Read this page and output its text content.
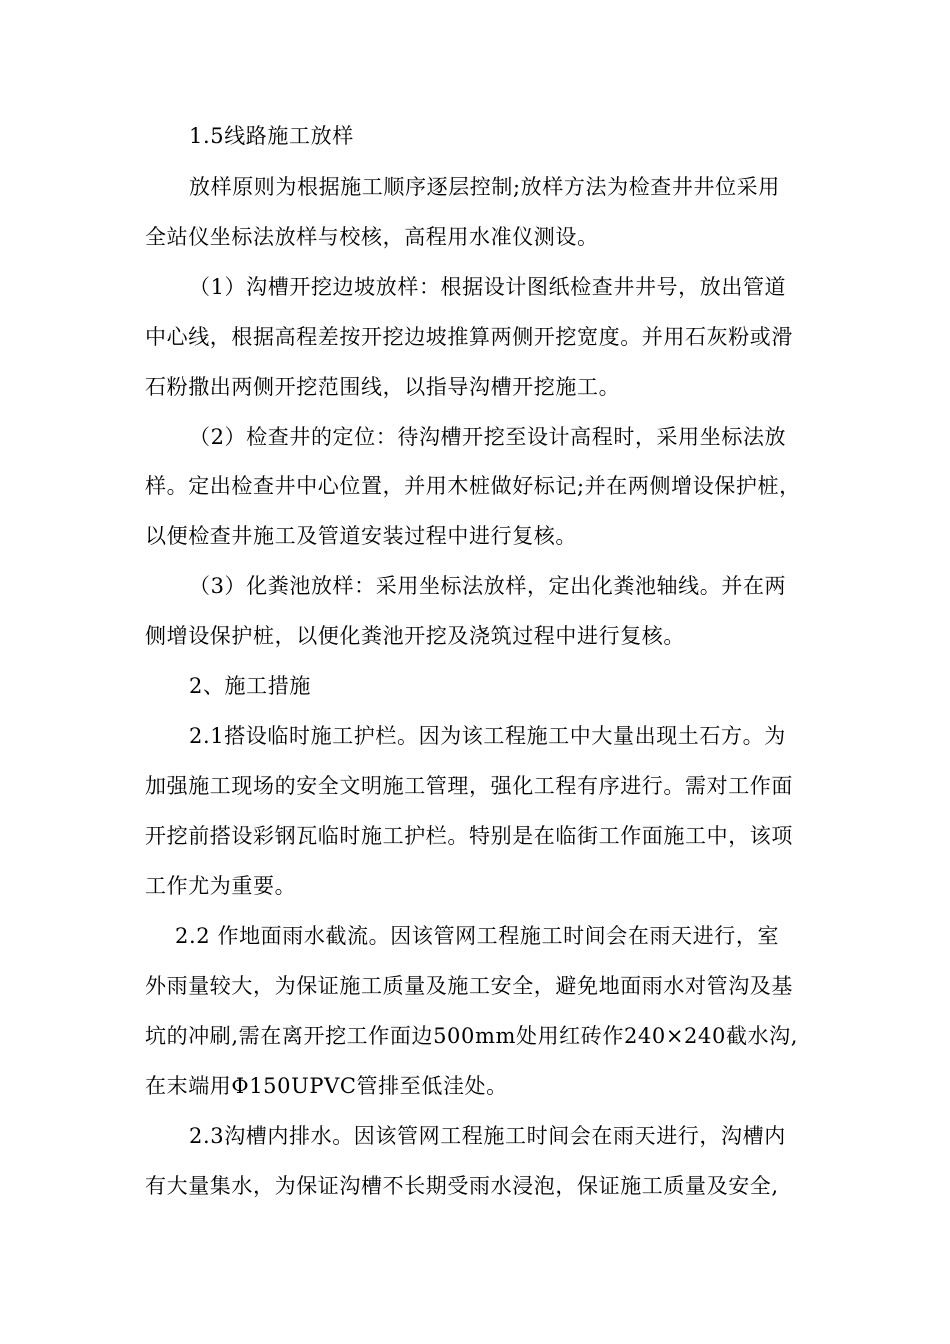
1.5线路施工放样
放样原则为根据施工顺序逐层控制;放样方法为检查井井位采用
全站仪坐标法放样与校核，高程用水准仪测设。
（1）沟槽开挖边坡放样：根据设计图纸检查井井号，放出管道
中心线，根据高程差按开挖边坡推算两侧开挖宽度。并用石灰粉或滑
石粉撒出两侧开挖范围线，以指导沟槽开挖施工。
（2）检查井的定位：待沟槽开挖至设计高程时，采用坐标法放
样。定出检查井中心位置，并用木桩做好标记;并在两侧增设保护桩，
以便检查井施工及管道安装过程中进行复核。
（3）化粪池放样：采用坐标法放样，定出化粪池轴线。并在两
侧增设保护桩，以便化粪池开挖及浇筑过程中进行复核。
2、施工措施
2.1搭设临时施工护栏。因为该工程施工中大量出现土石方。为
加强施工现场的安全文明施工管理，强化工程有序进行。需对工作面
开挖前搭设彩钢瓦临时施工护栏。特别是在临街工作面施工中，该项
工作尤为重要。
2.2 作地面雨水截流。因该管网工程施工时间会在雨天进行，室
外雨量较大，为保证施工质量及施工安全，避免地面雨水对管沟及基
坑的冲刷,需在离开挖工作面边500mm处用红砖作240×240截水沟,
在末端用Φ150UPVC管排至低洼处。
2.3沟槽内排水。因该管网工程施工时间会在雨天进行，沟槽内
有大量集水，为保证沟槽不长期受雨水浸泡，保证施工质量及安全,
